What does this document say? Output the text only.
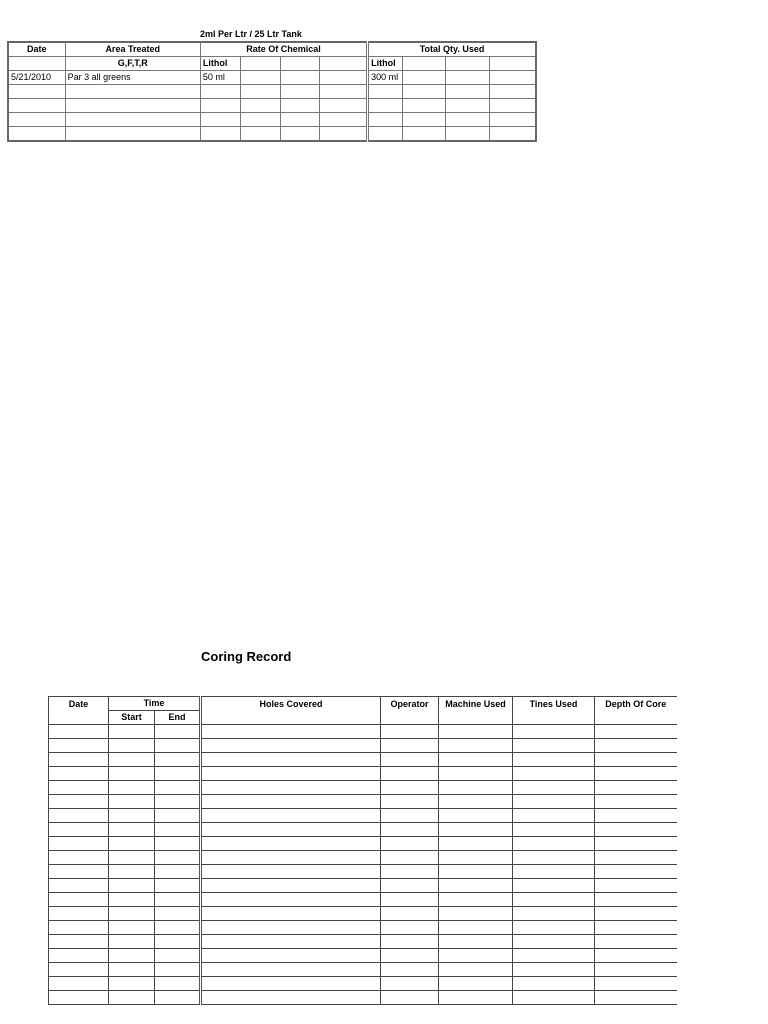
2ml Per Ltr / 25 Ltr Tank
Date	Area Treated	Rate Of Chemical				Total Qty. Used			
	G,F,T,R	Lithol				Lithol			
5/21/2010	Par 3 all greens	50 ml				300 ml			

Coring Record
Date	Time		Holes Covered	Operator	Machine Used	Tines Used	Depth Of Core
	Start	End					
